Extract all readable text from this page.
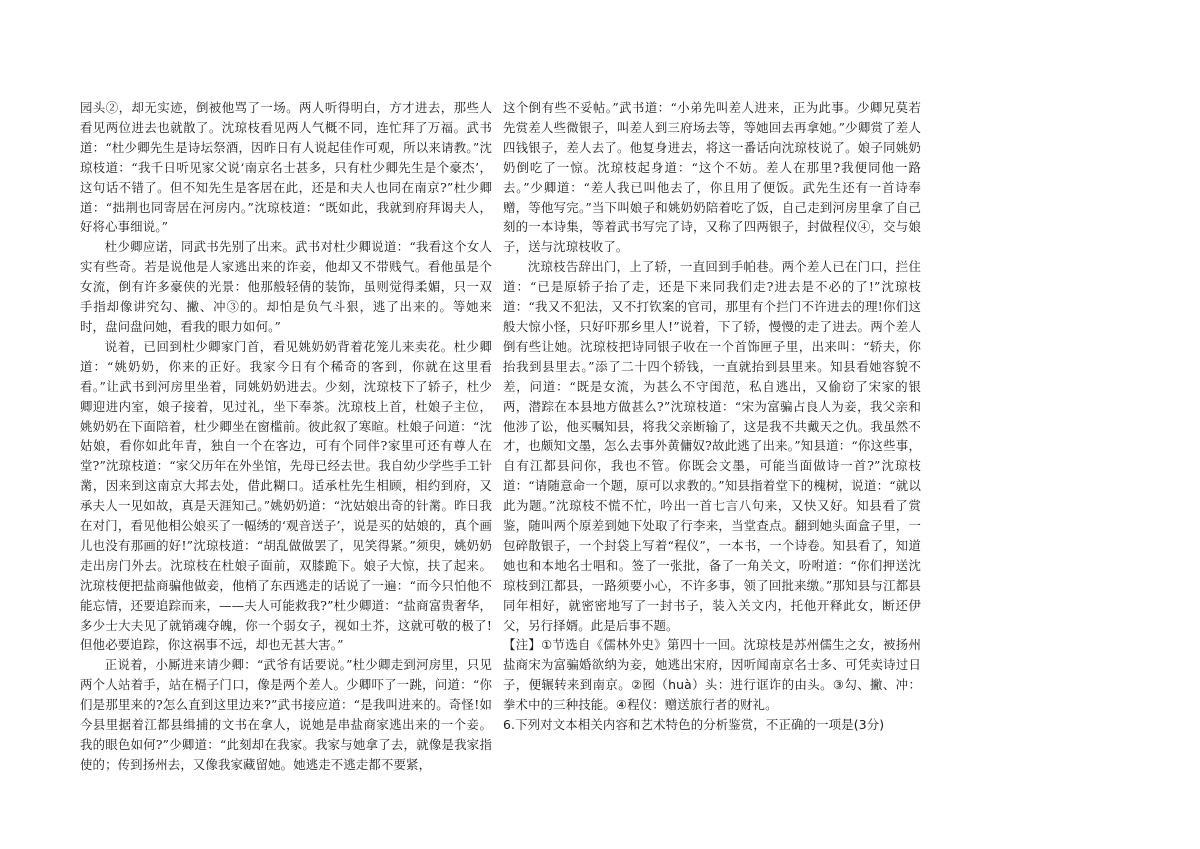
园头②，却无实迹，倒被他骂了一场。两人听得明白，方才进去，那些人看见两位进去也就散了。沈琼枝看见两人气概不同，连忙拜了万福。武书道：“杜少卿先生是诗坛祭酒，因昨日有人说起佳作可观，所以来请教。”沈琼枝道：“我千日听见家父说‘南京名士甚多，只有杜少卿先生是个豪杰’，这句话不错了。但不知先生是客居在此，还是和夫人也同在南京?”杜少卿道：“拙荆也同寄居在河房内。”沈琼枝道：“既如此，我就到府拜谒夫人，好将心事细说。”

杜少卿应诺，同武书先别了出来。武书对杜少卿说道：“我看这个女人实有些奇。若是说他是人家逃出来的诈妾，他却又不带贱气。看他虽是个女流，倒有许多豪侠的光景：他那般轻倩的装饰，虽则觉得柔媚，只一双手指却像讲究勾、撇、冲③的。却怕是负气斗狠，逃了出来的。等她来时，盘问盘问她，看我的眼力如何。”

说着，已回到杜少卿家门首，看见姚奶奶背着花笼儿来卖花。杜少卿道：“姚奶奶，你来的正好。我家今日有个稀奇的客到，你就在这里看看。”让武书到河房里坐着，同姚奶奶进去。少刻，沈琼枝下了轿子，杜少卿迎进内室，娘子接着，见过礼，坐下奉茶。沈琼枝上首，杜娘子主位，姚奶奶在下面陪着，杜少卿坐在窗槛前。彼此叙了寒暄。杜娘子问道：“沈姑娘，看你如此年青，独自一个在客边，可有个同伴?家里可还有尊人在堂?”沈琼枝道：“家父历年在外坐馆，先母已经去世。我自幼少学些手工针黹，因来到这南京大邦去处，借此糊口。适承杜先生相顾，相约到府，又承夫人一见如故，真是天涯知己。”姚奶奶道：“沈姑娘出奇的针黹。昨日我在对门，看见他相公娘买了一幅绣的‘观音送子’，说是买的姑娘的，真个画儿也没有那画的好!”沈琼枝道：“胡乱做做罢了，见笑得紧。”须臾，姚奶奶走出房门外去。沈琼枝在杜娘子面前，双膝跪下。娘子大惊，扶了起来。沈琼枝便把盐商骗他做妾，他梢了东西逃走的话说了一遍：“而今只怕他不能忘情，还要追踪而来，——夫人可能救我?”杜少卿道：“盐商富贵奢华，多少士大夫见了就销魂夺魄，你一个弱女子，视如土芥，这就可敬的极了!但他必要追踪，你这祸事不远，却也无甚大害。”

正说着，小厮进来请少卿：“武爷有话要说。”杜少卿走到河房里，只见两个人站着手，站在槅子门口，像是两个差人。少卿吓了一跳，问道：“你们是那里来的?怎么直到这里边来?”武书接应道：“是我叫进来的。奇怪!如今县里据着江都县缉捕的文书在拿人，说她是串盐商家逃出来的一个妾。我的眼色如何?”少卿道：“此刻却在我家。我家与她拿了去，就像是我家指使的；传到扬州去，又像我家藏留她。她逃走不逃走都不要紧，

这个倒有些不妥帖。”武书道：“小弟先叫差人进来，正为此事。少卿兄莫若先赏差人些微银子，叫差人到三府场去等，等她回去再拿她。”少卿赏了差人四钱银子，差人去了。他复身进去，将这一番话向沈琼枝说了。娘子同姚奶奶倒吃了一惊。沈琼枝起身道：“这个不妨。差人在那里?我便同他一路去。”少卿道：“差人我已叫他去了，你且用了便饭。武先生还有一首诗奉赠，等他写完。”当下叫娘子和姚奶奶陪着吃了饭，自己走到河房里拿了自己刻的一本诗集，等着武书写完了诗，又称了四两银子，封做程仪④，交与娘子，送与沈琼枝收了。

沈琼枝告辞出门，上了轿，一直回到手帕巷。两个差人已在门口，拦住道：“已是原轿子抬了走，还是下来同我们走?进去是不必的了!”沈琼枝道：“我又不犯法，又不打钦案的官司，那里有个拦门不许进去的理!你们这般大惊小怪，只好吓那乡里人!”说着，下了轿，慢慢的走了进去。两个差人倒有些让她。沈琼枝把诗同银子收在一个首饰匣子里，出来叫：“轿夫，你抬我到县里去。”添了二十四个轿钱，一直就抬到县里来。知县看她容貌不差，问道：“既是女流，为甚么不守闺范，私自逃出，又偷窃了宋家的银两，潜踪在本县地方做甚么?”沈琼枝道：“宋为富骗占良人为妾，我父亲和他涉了讼，他买嘱知县，将我父亲断输了，这是我不共戴天之仇。我虽然不才，也颇知文墨，怎么去事外黄傭奴?故此逃了出来。”知县道：“你这些事，自有江都县问你，我也不管。你既会文墨，可能当面做诗一首?”沈琼枝道：“请随意命一个题，原可以求教的。”知县指着堂下的槐树，说道：“就以此为题。”沈琼枝不慌不忙，吟出一首七言八句来，又快又好。知县看了赏鉴，随叫两个原差到她下处取了行李来，当堂查点。翻到她头面盒子里，一包碎散银子，一个封袋上写着“程仪”，一本书，一个诗卷。知县看了，知道她也和本地名士唱和。签了一张批，备了一角关文，吩咐道：“你们押送沈琼枝到江都县，一路须要小心，不许多事，领了回批来缴。”那知县与江都县同年相好，就密密地写了一封书子，装入关文内，托他开释此女，断还伊父，另行择婿。此是后事不题。

【注】①节选自《儒林外史》第四十一回。沈琼枝是苏州儒生之女，被扬州盐商宋为富骗婚欲纳为妾，她逃出宋府，因听闻南京名士多、可凭卖诗过日子，便辗转来到南京。②囮（huà）头：进行诓诈的由头。③勾、撇、冲：拳术中的三种技能。④程仪：赠送旅行者的财礼。

6.下列对文本相关内容和艺术特色的分析鉴赏，不正确的一项是(3分)
